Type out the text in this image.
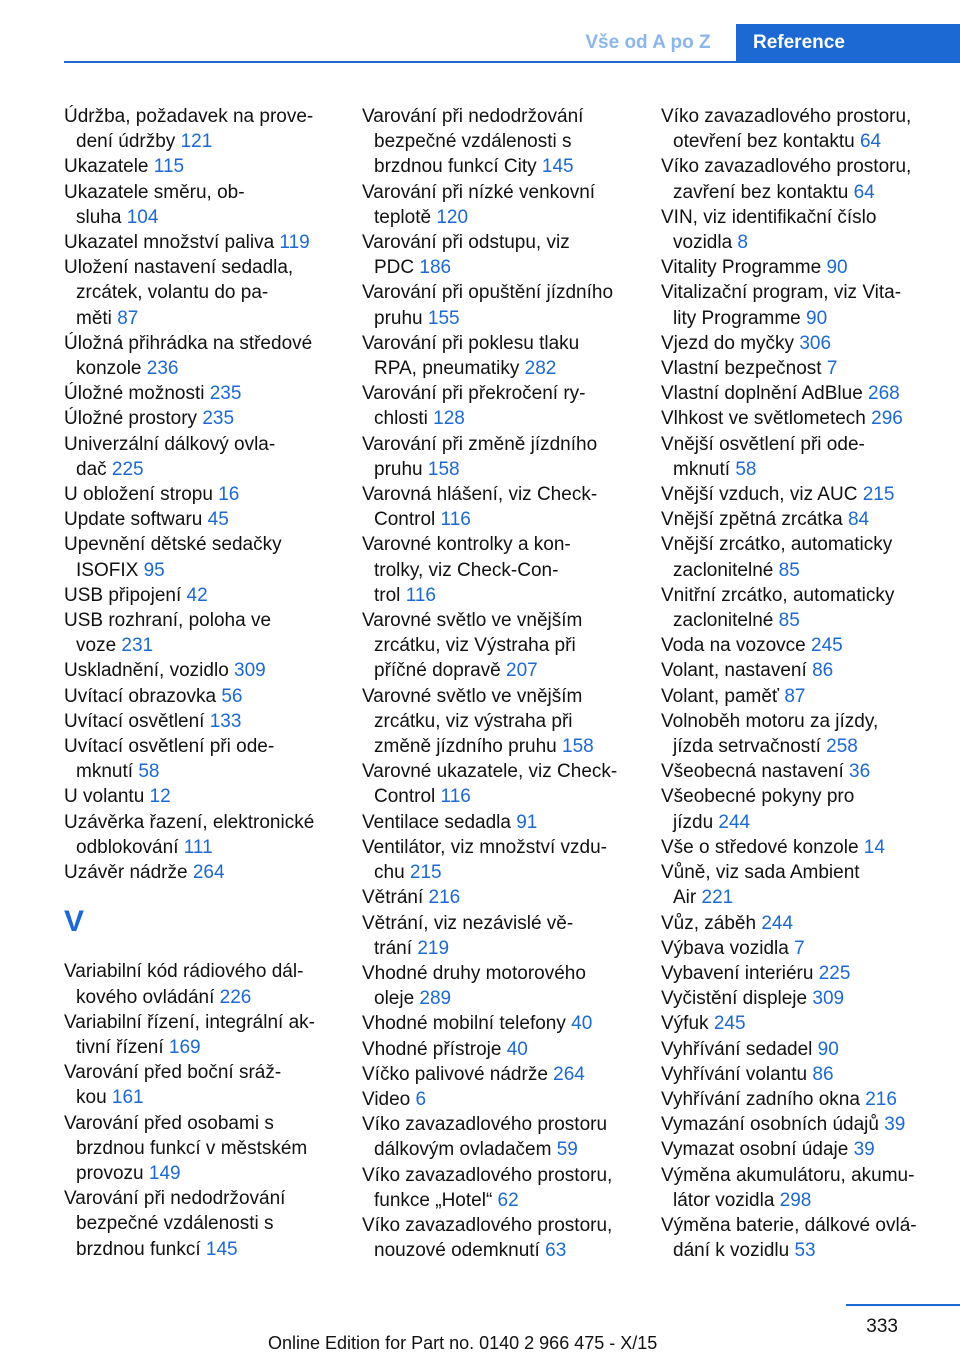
Vše od A po Z	Reference
Údržba, požadavek na prove-
dení údržby 121
Ukazatele 115
Ukazatele směru, ob-
sluha 104
Ukazatel množství paliva 119
Uložení nastavení sedadla,
zrcátek, volantu do pa-
měti 87
Úložná přihrádka na středové
konzole 236
Úložné možnosti 235
Úložné prostory 235
Univerzální dálkový ovla-
dač 225
U obložení stropu 16
Update softwaru 45
Upevnění dětské sedačky
ISOFIX 95
USB připojení 42
USB rozhraní, poloha ve
voze 231
Uskladnění, vozidlo 309
Uvítací obrazovka 56
Uvítací osvětlení 133
Uvítací osvětlení při ode-
mknutí 58
U volantu 12
Uzávěrka řazení, elektronické
odblokování 111
Uzávěr nádrže 264
V
Variabilní kód rádiového dál-
kového ovládání 226
Variabilní řízení, integrální ak-
tivní řízení 169
Varování před boční sráž-
kou 161
Varování před osobami s
brzdnou funkcí v městském
provozu 149
Varování při nedodržování
bezpečné vzdálenosti s
brzdnou funkcí 145
Varování při nedodržování
bezpečné vzdálenosti s
brzdnou funkcí City 145
Varování při nízké venkovní
teplotě 120
Varování při odstupu, viz
PDC 186
Varování při opuštění jízdního
pruhu 155
Varování při poklesu tlaku
RPA, pneumatiky 282
Varování při překročení ry-
chlosti 128
Varování při změně jízdního
pruhu 158
Varovná hlášení, viz Check-
Control 116
Varovné kontrolky a kon-
trolky, viz Check-Con-
trol 116
Varovné světlo ve vnějším
zrcátku, viz Výstraha při
příčné dopravě 207
Varovné světlo ve vnějším
zrcátku, viz výstraha při
změně jízdního pruhu 158
Varovné ukazatele, viz Check-
Control 116
Ventilace sedadla 91
Ventilátor, viz množství vzdu-
chu 215
Větrání 216
Větrání, viz nezávislé vě-
trání 219
Vhodné druhy motorového
oleje 289
Vhodné mobilní telefony 40
Vhodné přístroje 40
Víčko palivové nádrže 264
Video 6
Víko zavazadlového prostoru
dálkovým ovladačem 59
Víko zavazadlového prostoru,
funkce „Hotel“ 62
Víko zavazadlového prostoru,
nouzové odemknutí 63
Víko zavazadlového prostoru,
otevření bez kontaktu 64
Víko zavazadlového prostoru,
zavření bez kontaktu 64
VIN, viz identifikační číslo
vozidla 8
Vitality Programme 90
Vitalizační program, viz Vita-
lity Programme 90
Vjezd do myčky 306
Vlastní bezpečnost 7
Vlastní doplnění AdBlue 268
Vlhkost ve světlometech 296
Vnější osvětlení při ode-
mknutí 58
Vnější vzduch, viz AUC 215
Vnější zpětná zrcátka 84
Vnější zrcátko, automaticky
zaclonitelné 85
Vnitřní zrcátko, automaticky
zaclonitelné 85
Voda na vozovce 245
Volant, nastavení 86
Volant, paměť 87
Volnoběh motoru za jízdy,
jízda setrvačností 258
Všeobecná nastavení 36
Všeobecné pokyny pro
jízdu 244
Vše o středové konzole 14
Vůně, viz sada Ambient
Air 221
Vůz, záběh 244
Výbava vozidla 7
Vybavení interiéru 225
Vyčistění displeje 309
Výfuk 245
Vyhřívání sedadel 90
Vyhřívání volantu 86
Vyhřívání zadního okna 216
Vymazání osobních údajů 39
Vymazat osobní údaje 39
Výměna akumulátoru, akumu-
látor vozidla 298
Výměna baterie, dálkové ovlá-
dání k vozidlu 53
333
Online Edition for Part no. 0140 2 966 475 - X/15
